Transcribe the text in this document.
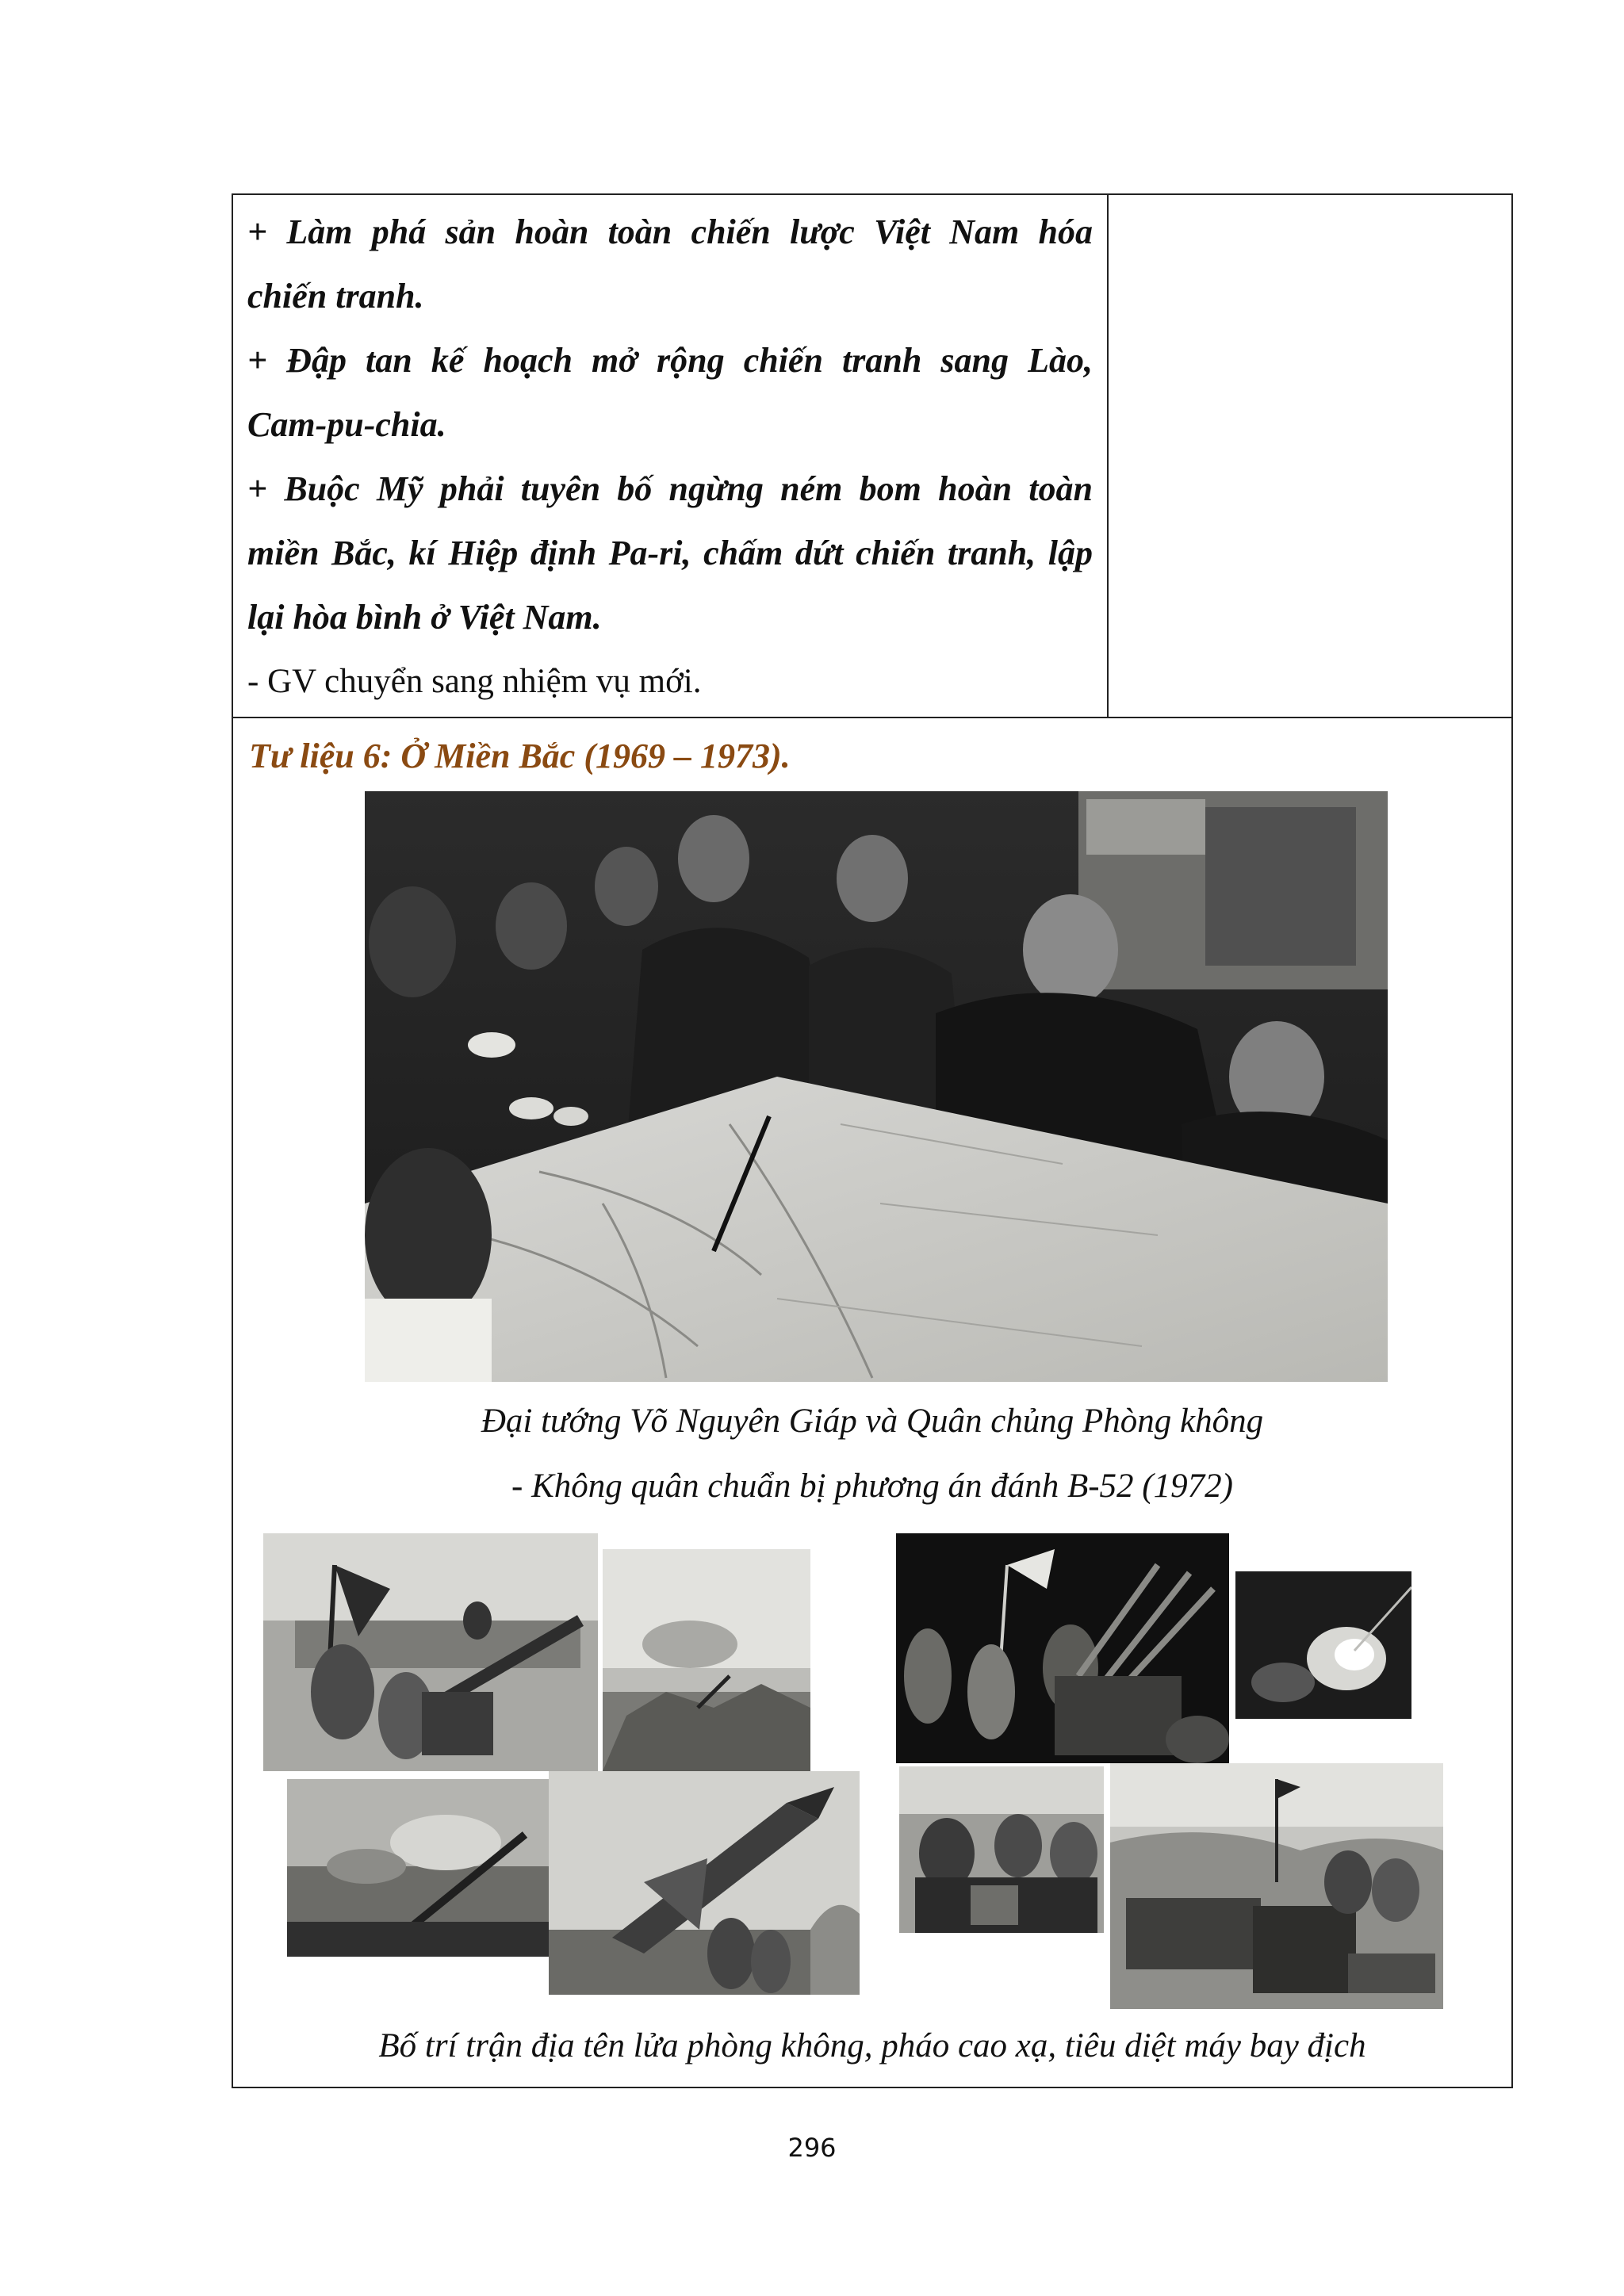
+ Làm phá sản hoàn toàn chiến lược Việt Nam hóa

chiến tranh.

+ Đập tan kế hoạch mở rộng chiến tranh sang Lào,

Cam-pu-chia.

+ Buộc Mỹ phải tuyên bố ngừng ném bom hoàn toàn

miền Bắc, kí Hiệp định Pa-ri, chấm dứt chiến tranh, lập

lại hòa bình ở Việt Nam.

- GV chuyển sang nhiệm vụ mới.

Tư liệu 6: Ở Miền Bắc (1969 – 1973).
Đại tướng Võ Nguyên Giáp và Quân chủng Phòng không
- Không quân chuẩn bị phương án đánh B-52 (1972)
Bố trí trận địa tên lửa phòng không, pháo cao xạ, tiêu diệt máy bay địch
296
